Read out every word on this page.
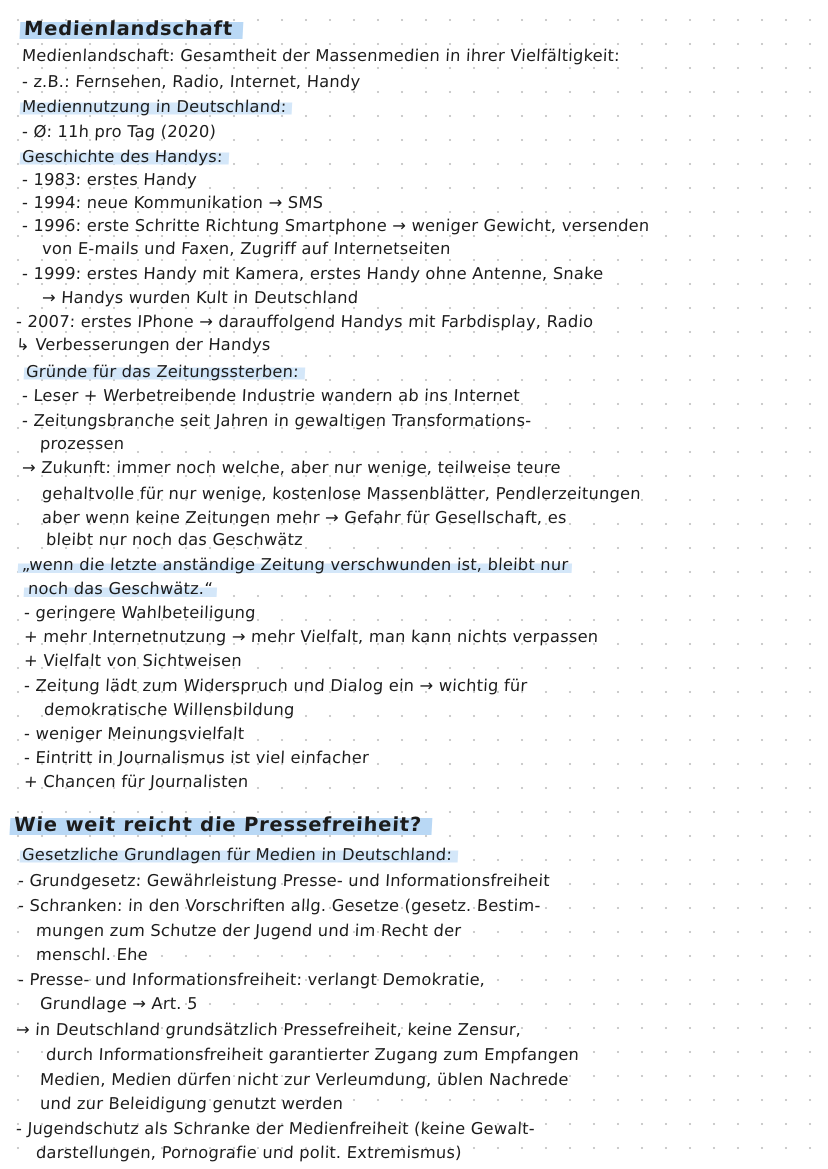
Medienlandschaft
Medienlandschaft: Gesamtheit der Massenmedien in ihrer Vielfältigkeit:
- z.B.: Fernsehen, Radio, Internet, Handy
Mediennutzung in Deutschland:
- Ø: 11h pro Tag (2020)
Geschichte des Handys:
- 1983: erstes Handy
- 1994: neue Kommunikation → SMS
- 1996: erste Schritte Richtung Smartphone → weniger Gewicht, versenden
von E-mails und Faxen, Zugriff auf Internetseiten
- 1999: erstes Handy mit Kamera, erstes Handy ohne Antenne, Snake
→ Handys wurden Kult in Deutschland
- 2007: erstes IPhone → darauffolgend Handys mit Farbdisplay, Radio
↳ Verbesserungen der Handys
Gründe für das Zeitungssterben:
- Leser + Werbetreibende Industrie wandern ab ins Internet
- Zeitungsbranche seit Jahren in gewaltigen Transformations-
prozessen
→ Zukunft: immer noch welche, aber nur wenige, teilweise teure
gehaltvolle für nur wenige, kostenlose Massenblätter, Pendlerzeitungen
aber wenn keine Zeitungen mehr → Gefahr für Gesellschaft, es
bleibt nur noch das Geschwätz
„wenn die letzte anständige Zeitung verschwunden ist, bleibt nur
noch das Geschwätz.“
- geringere Wahlbeteiligung
+ mehr Internetnutzung → mehr Vielfalt, man kann nichts verpassen
+ Vielfalt von Sichtweisen
- Zeitung lädt zum Widerspruch und Dialog ein → wichtig für
demokratische Willensbildung
- weniger Meinungsvielfalt
- Eintritt in Journalismus ist viel einfacher
+ Chancen für Journalisten
Wie weit reicht die Pressefreiheit?
Gesetzliche Grundlagen für Medien in Deutschland:
- Grundgesetz: Gewährleistung Presse- und Informationsfreiheit
- Schranken: in den Vorschriften allg. Gesetze (gesetz. Bestim-
mungen zum Schutze der Jugend und im Recht der
menschl. Ehe
- Presse- und Informationsfreiheit: verlangt Demokratie,
Grundlage → Art. 5
→ in Deutschland grundsätzlich Pressefreiheit, keine Zensur,
durch Informationsfreiheit garantierter Zugang zum Empfangen
Medien, Medien dürfen nicht zur Verleumdung, üblen Nachrede
und zur Beleidigung genutzt werden
- Jugendschutz als Schranke der Medienfreiheit (keine Gewalt-
darstellungen, Pornografie und polit. Extremismus)
